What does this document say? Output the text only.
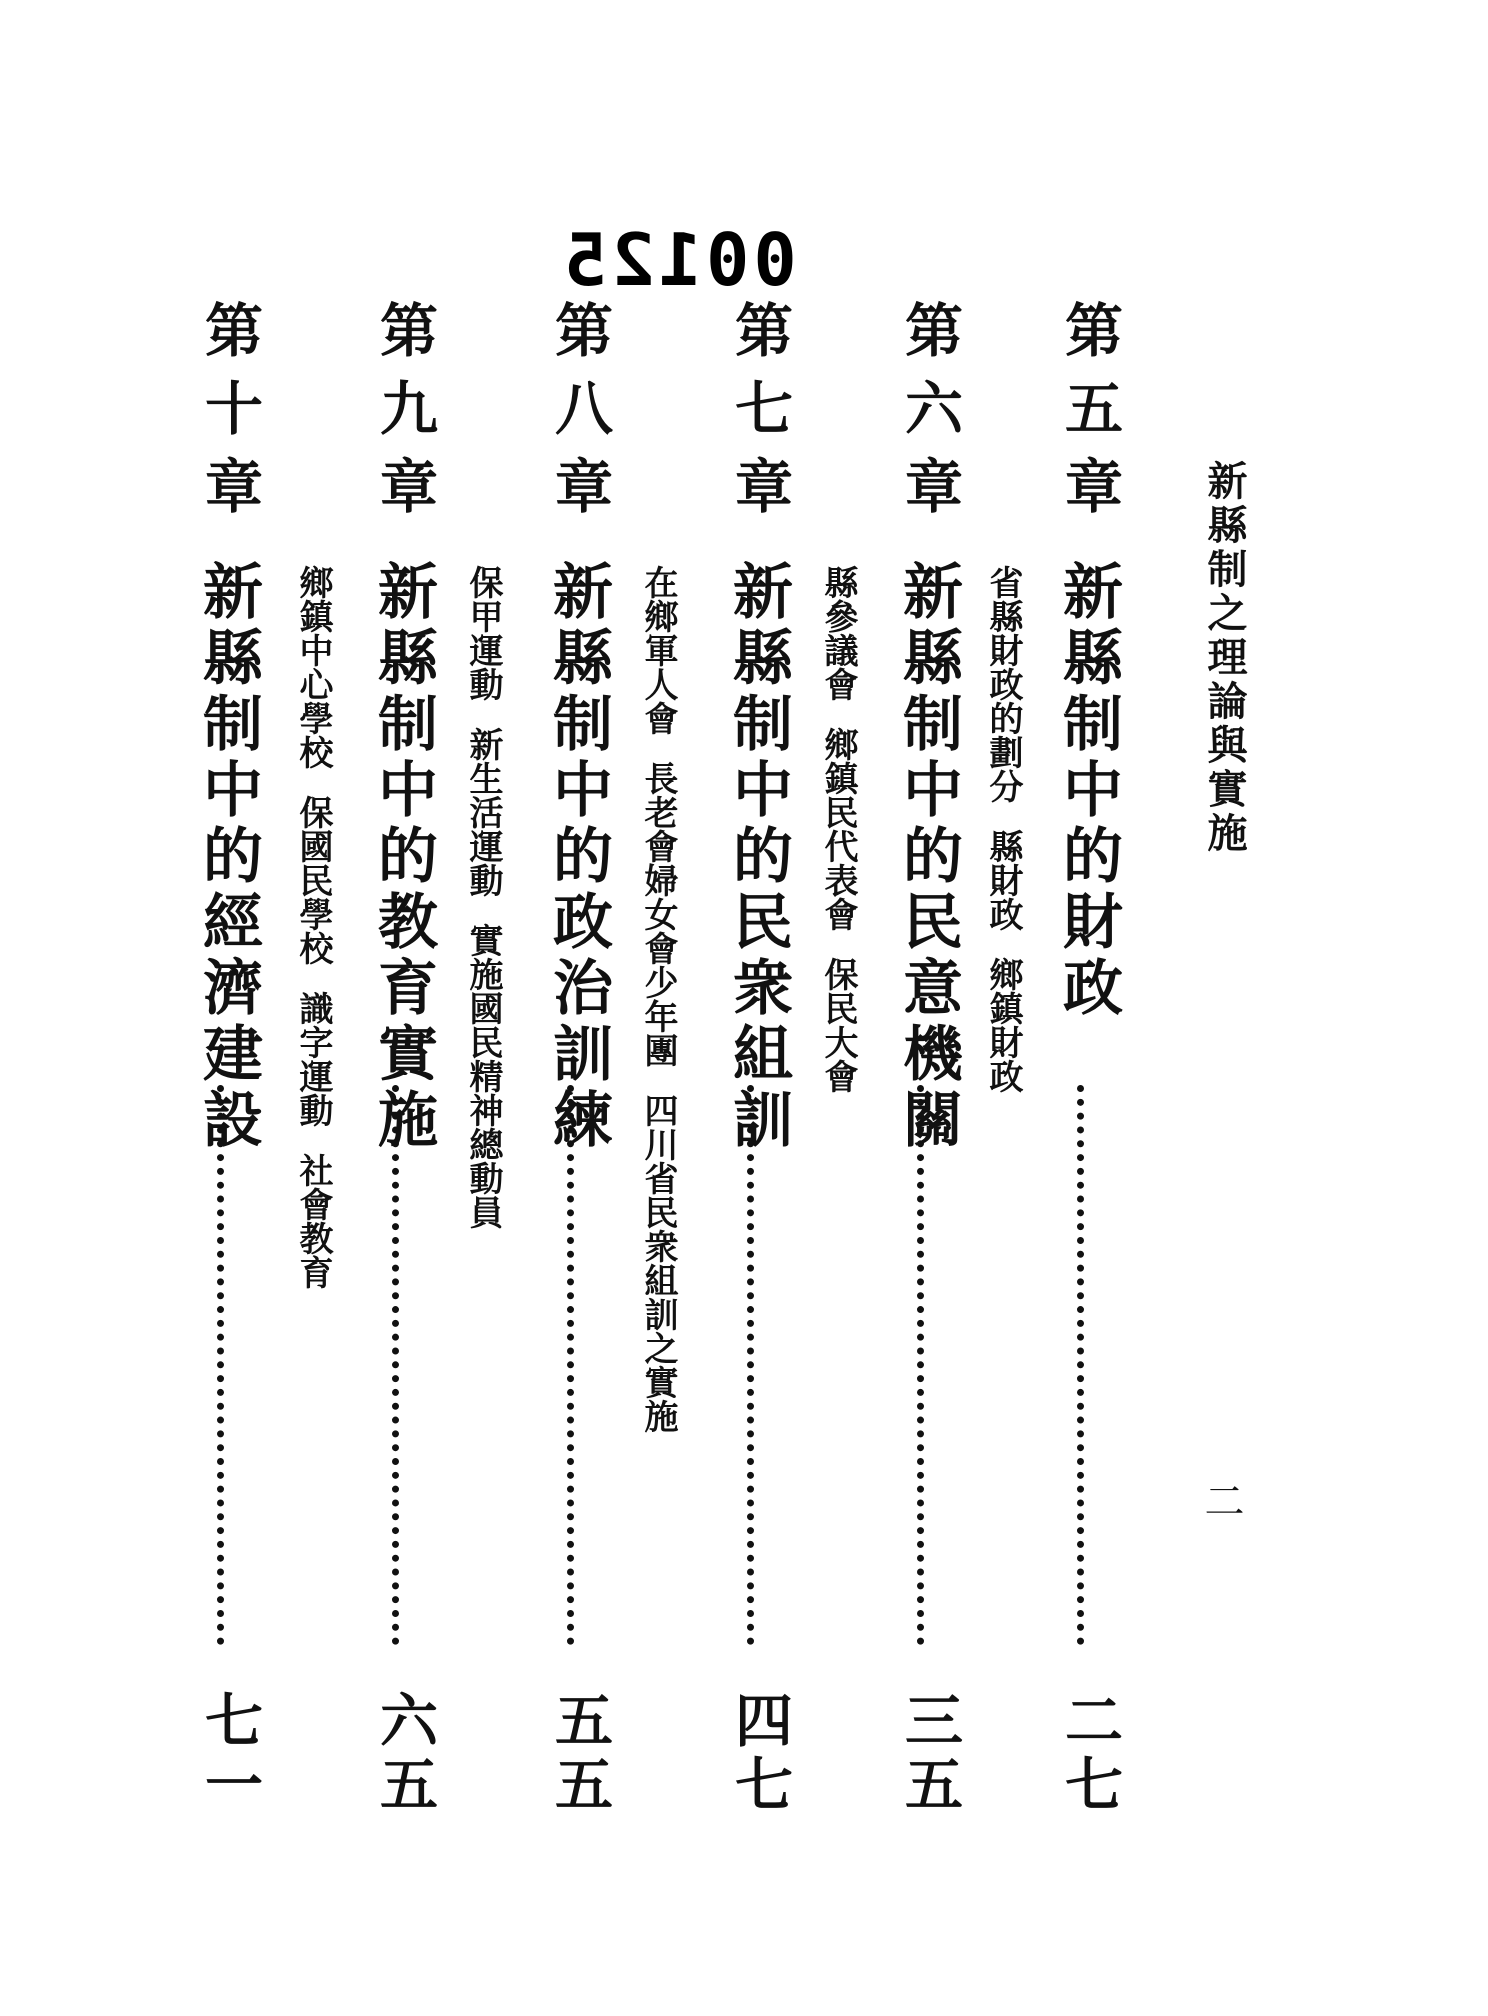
00125
新縣制之理論與實施
二
第五章
新縣制中的財政
二七
省縣財政的劃分縣財政鄉鎮財政
第六章
新縣制中的民意機關
三五
縣參議會鄉鎮民代表會保民大會
第七章
新縣制中的民衆組訓
四七
在鄉軍人會長老會婦女會少年團四川省民衆組訓之實施
第八章
新縣制中的政治訓練
五五
保甲運動新生活運動實施國民精神總動員
第九章
新縣制中的教育實施
六五
鄉鎮中心學校保國民學校識字運動社會教育
第十章
新縣制中的經濟建設
七一
